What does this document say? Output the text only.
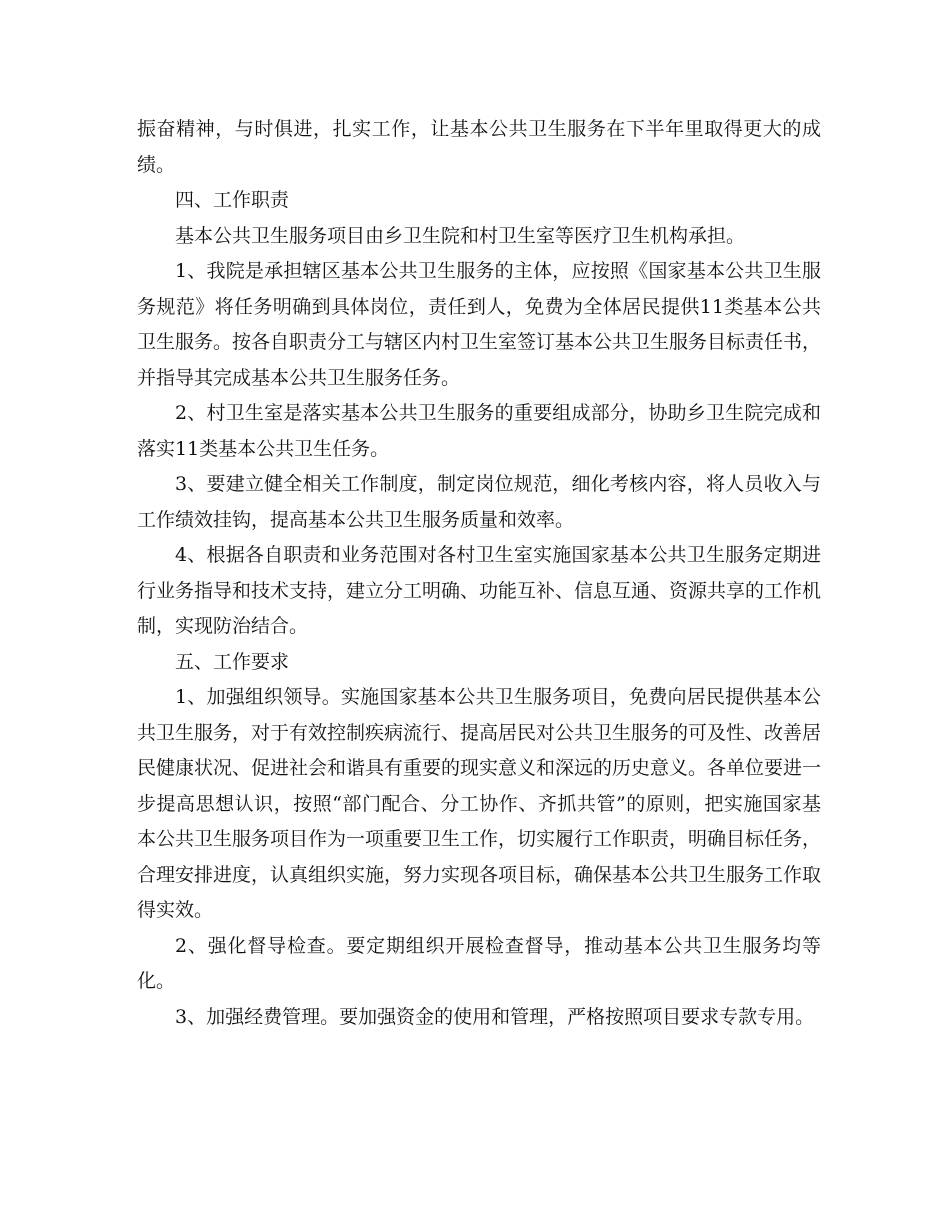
振奋精神，与时俱进，扎实工作，让基本公共卫生服务在下半年里取得更大的成绩。

四、工作职责

基本公共卫生服务项目由乡卫生院和村卫生室等医疗卫生机构承担。

1、我院是承担辖区基本公共卫生服务的主体，应按照《国家基本公共卫生服务规范》将任务明确到具体岗位，责任到人，免费为全体居民提供11类基本公共卫生服务。按各自职责分工与辖区内村卫生室签订基本公共卫生服务目标责任书，并指导其完成基本公共卫生服务任务。

2、村卫生室是落实基本公共卫生服务的重要组成部分，协助乡卫生院完成和落实11类基本公共卫生任务。

3、要建立健全相关工作制度，制定岗位规范，细化考核内容，将人员收入与工作绩效挂钩，提高基本公共卫生服务质量和效率。

4、根据各自职责和业务范围对各村卫生室实施国家基本公共卫生服务定期进行业务指导和技术支持，建立分工明确、功能互补、信息互通、资源共享的工作机制，实现防治结合。

五、工作要求

1、加强组织领导。实施国家基本公共卫生服务项目，免费向居民提供基本公共卫生服务，对于有效控制疾病流行、提高居民对公共卫生服务的可及性、改善居民健康状况、促进社会和谐具有重要的现实意义和深远的历史意义。各单位要进一步提高思想认识，按照“部门配合、分工协作、齐抓共管”的原则，把实施国家基本公共卫生服务项目作为一项重要卫生工作，切实履行工作职责，明确目标任务，合理安排进度，认真组织实施，努力实现各项目标，确保基本公共卫生服务工作取得实效。

2、强化督导检查。要定期组织开展检查督导，推动基本公共卫生服务均等化。

3、加强经费管理。要加强资金的使用和管理，严格按照项目要求专款专用。
